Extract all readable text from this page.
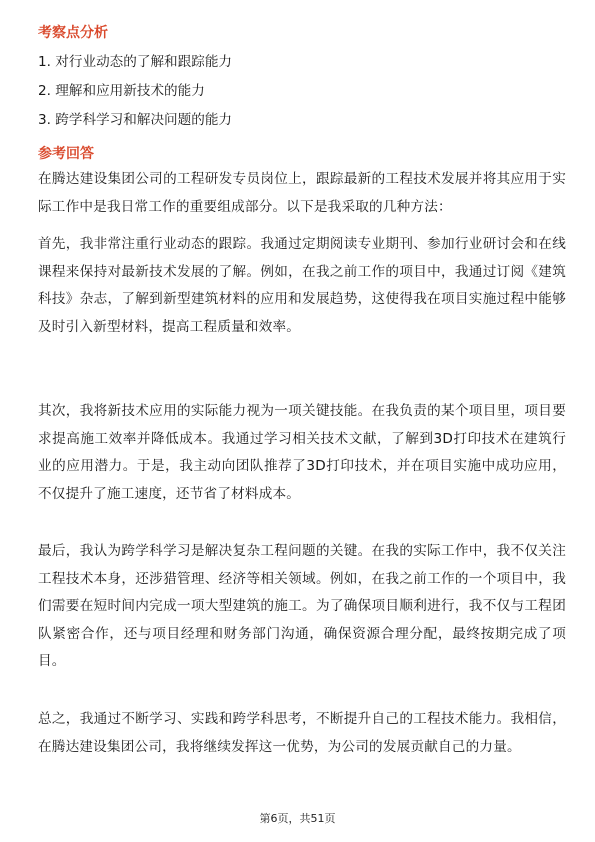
考察点分析
1. 对行业动态的了解和跟踪能力
2. 理解和应用新技术的能力
3. 跨学科学习和解决问题的能力
参考回答
在腾达建设集团公司的工程研发专员岗位上，跟踪最新的工程技术发展并将其应用于实际工作中是我日常工作的重要组成部分。以下是我采取的几种方法：
首先，我非常注重行业动态的跟踪。我通过定期阅读专业期刊、参加行业研讨会和在线课程来保持对最新技术发展的了解。例如，在我之前工作的项目中，我通过订阅《建筑科技》杂志，了解到新型建筑材料的应用和发展趋势，这使得我在项目实施过程中能够及时引入新型材料，提高工程质量和效率。
其次，我将新技术应用的实际能力视为一项关键技能。在我负责的某个项目里，项目要求提高施工效率并降低成本。我通过学习相关技术文献，了解到3D打印技术在建筑行业的应用潜力。于是，我主动向团队推荐了3D打印技术，并在项目实施中成功应用，不仅提升了施工速度，还节省了材料成本。
最后，我认为跨学科学习是解决复杂工程问题的关键。在我的实际工作中，我不仅关注工程技术本身，还涉猎管理、经济等相关领域。例如，在我之前工作的一个项目中，我们需要在短时间内完成一项大型建筑的施工。为了确保项目顺利进行，我不仅与工程团队紧密合作，还与项目经理和财务部门沟通，确保资源合理分配，最终按期完成了项目。
总之，我通过不断学习、实践和跨学科思考，不断提升自己的工程技术能力。我相信，在腾达建设集团公司，我将继续发挥这一优势，为公司的发展贡献自己的力量。
第6页，共51页
